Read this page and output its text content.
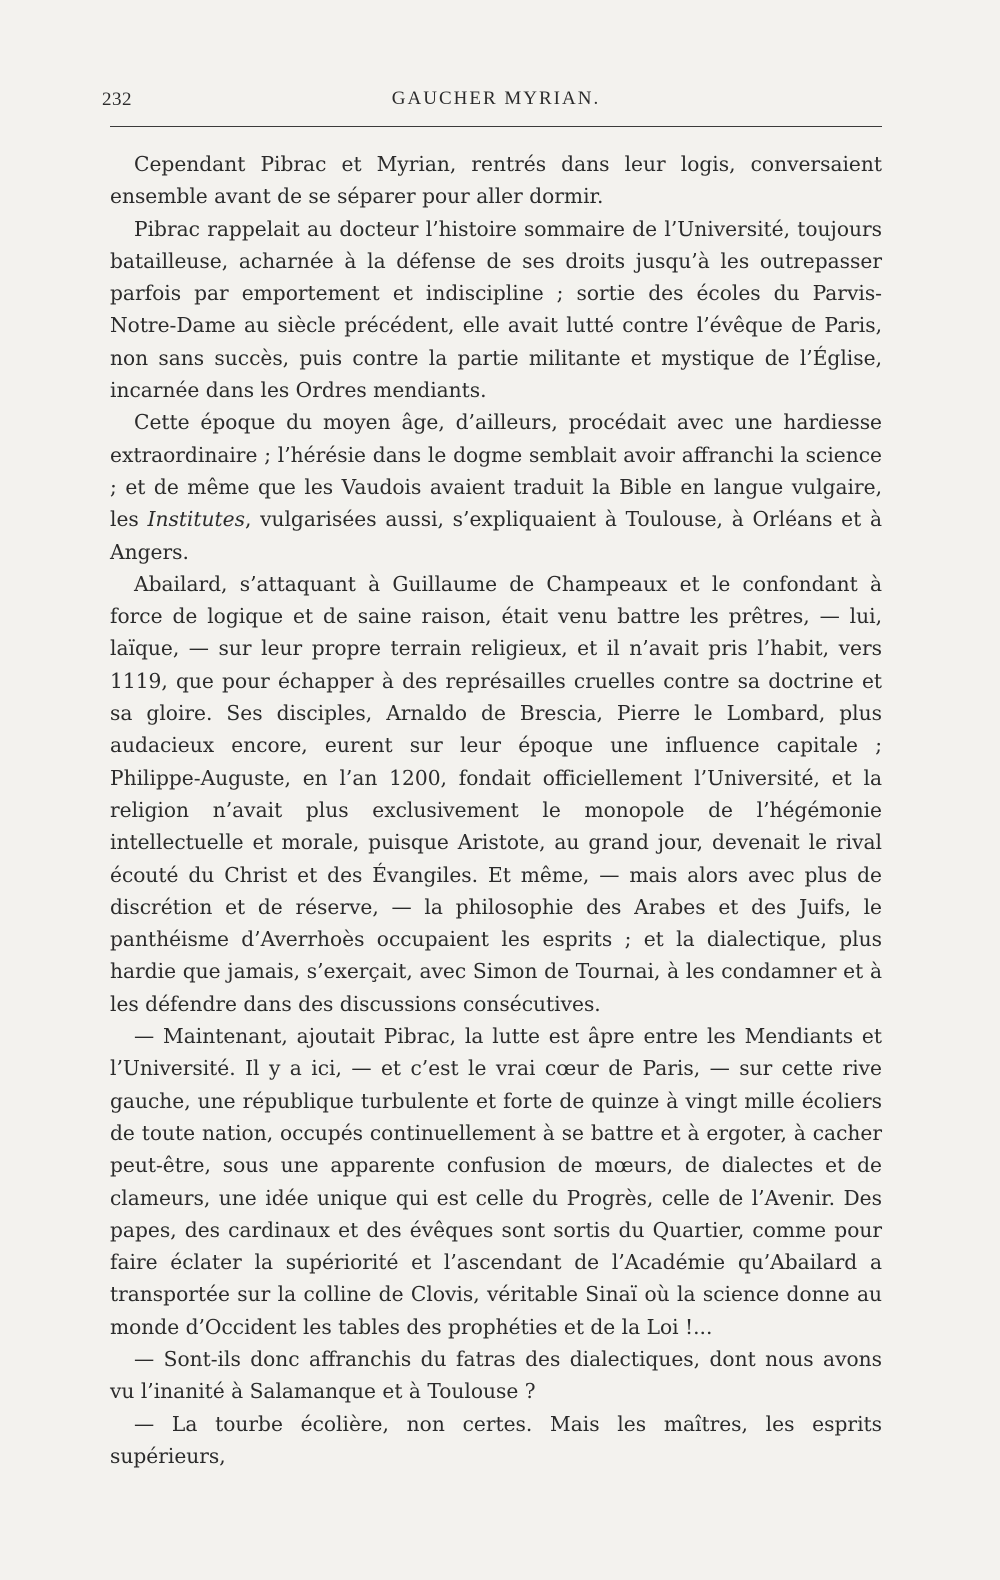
232	GAUCHER MYRIAN.

Cependant Pibrac et Myrian, rentrés dans leur logis, conversaient ensemble avant de se séparer pour aller dormir.

Pibrac rappelait au docteur l’histoire sommaire de l’Université, toujours batailleuse, acharnée à la défense de ses droits jusqu’à les outrepasser parfois par emportement et indiscipline ; sortie des écoles du Parvis-Notre-Dame au siècle précédent, elle avait lutté contre l’évêque de Paris, non sans succès, puis contre la partie militante et mystique de l’Église, incarnée dans les Ordres mendiants.

Cette époque du moyen âge, d’ailleurs, procédait avec une hardiesse extraordinaire ; l’hérésie dans le dogme semblait avoir affranchi la science ; et de même que les Vaudois avaient traduit la Bible en langue vulgaire, les Institutes, vulgarisées aussi, s’expliquaient à Toulouse, à Orléans et à Angers.

Abailard, s’attaquant à Guillaume de Champeaux et le confondant à force de logique et de saine raison, était venu battre les prêtres, — lui, laïque, — sur leur propre terrain religieux, et il n’avait pris l’habit, vers 1119, que pour échapper à des représailles cruelles contre sa doctrine et sa gloire. Ses disciples, Arnaldo de Brescia, Pierre le Lombard, plus audacieux encore, eurent sur leur époque une influence capitale ; Philippe-Auguste, en l’an 1200, fondait officiellement l’Université, et la religion n’avait plus exclusivement le monopole de l’hégémonie intellectuelle et morale, puisque Aristote, au grand jour, devenait le rival écouté du Christ et des Évangiles. Et même, — mais alors avec plus de discrétion et de réserve, — la philosophie des Arabes et des Juifs, le panthéisme d’Averrhoès occupaient les esprits ; et la dialectique, plus hardie que jamais, s’exerçait, avec Simon de Tournai, à les condamner et à les défendre dans des discussions consécutives.

— Maintenant, ajoutait Pibrac, la lutte est âpre entre les Mendiants et l’Université. Il y a ici, — et c’est le vrai cœur de Paris, — sur cette rive gauche, une république turbulente et forte de quinze à vingt mille écoliers de toute nation, occupés continuellement à se battre et à ergoter, à cacher peut-être, sous une apparente confusion de mœurs, de dialectes et de clameurs, une idée unique qui est celle du Progrès, celle de l’Avenir. Des papes, des cardinaux et des évêques sont sortis du Quartier, comme pour faire éclater la supériorité et l’ascendant de l’Académie qu’Abailard a transportée sur la colline de Clovis, véritable Sinaï où la science donne au monde d’Occident les tables des prophéties et de la Loi !...

— Sont-ils donc affranchis du fatras des dialectiques, dont nous avons vu l’inanité à Salamanque et à Toulouse ?

— La tourbe écolière, non certes. Mais les maîtres, les esprits supérieurs,
